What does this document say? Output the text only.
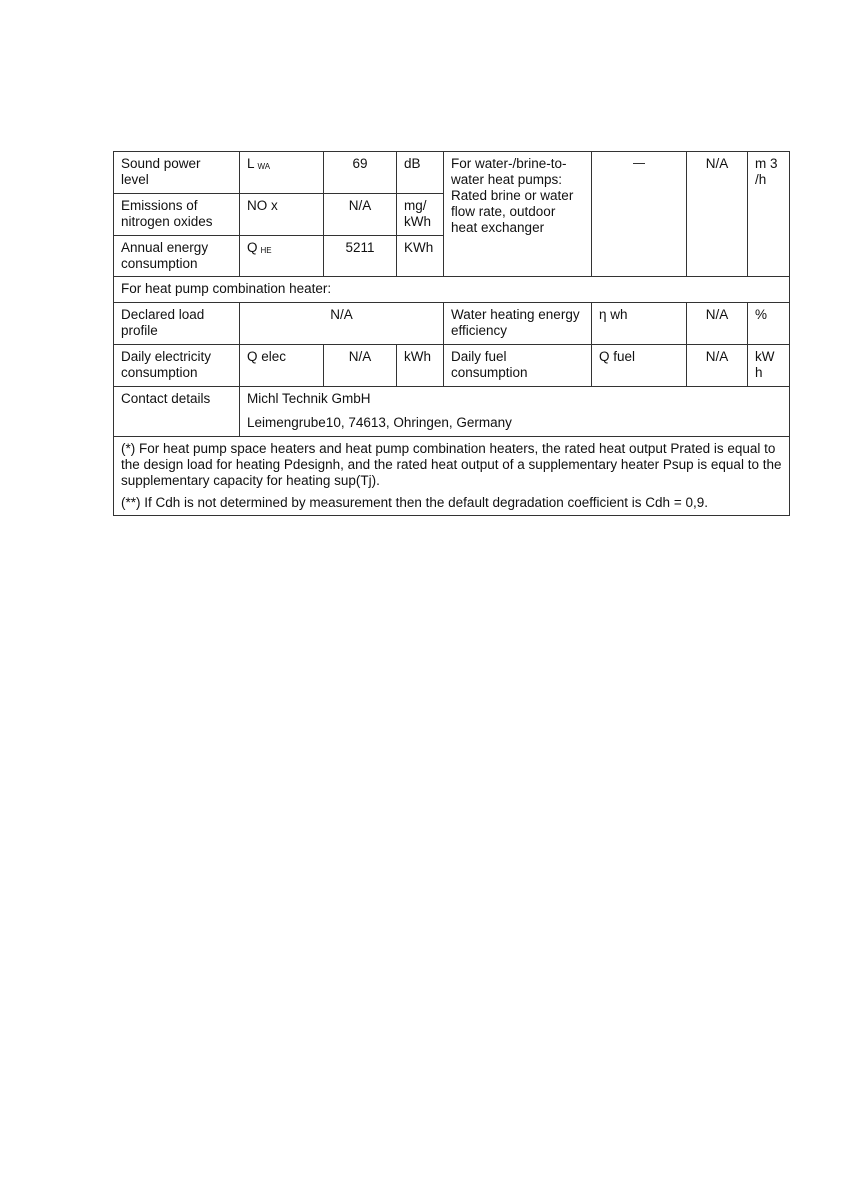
Sound power level	L $_{WA}$	69	dB	For water-/brine-to-water heat pumps: Rated brine or water flow rate, outdoor heat exchanger		N/A	m 3 /h
Emissions of nitrogen oxides	NO x	N/A	mg/ kWh				
Annual energy consumption	Q $_{HE}$	5211	KWh				
For heat pump combination heater:							
Declared load profile	N/A			Water heating energy efficiency	η wh	N/A	%
Daily electricity consumption	Q elec	N/A	kWh	Daily fuel consumption	Q fuel	N/A	kW h
Contact details	Michl Technik GmbH
Leimengrube10, 74613, Ohringen, Germany						

(*) For heat pump space heaters and heat pump combination heaters, the rated heat output Prated is equal to the design load for heating Pdesignh, and the rated heat output of a supplementary heater Psup is equal to the supplementary capacity for heating sup(Tj).

(**) If Cdh is not determined by measurement then the default degradation coefficient is Cdh = 0,9.							
